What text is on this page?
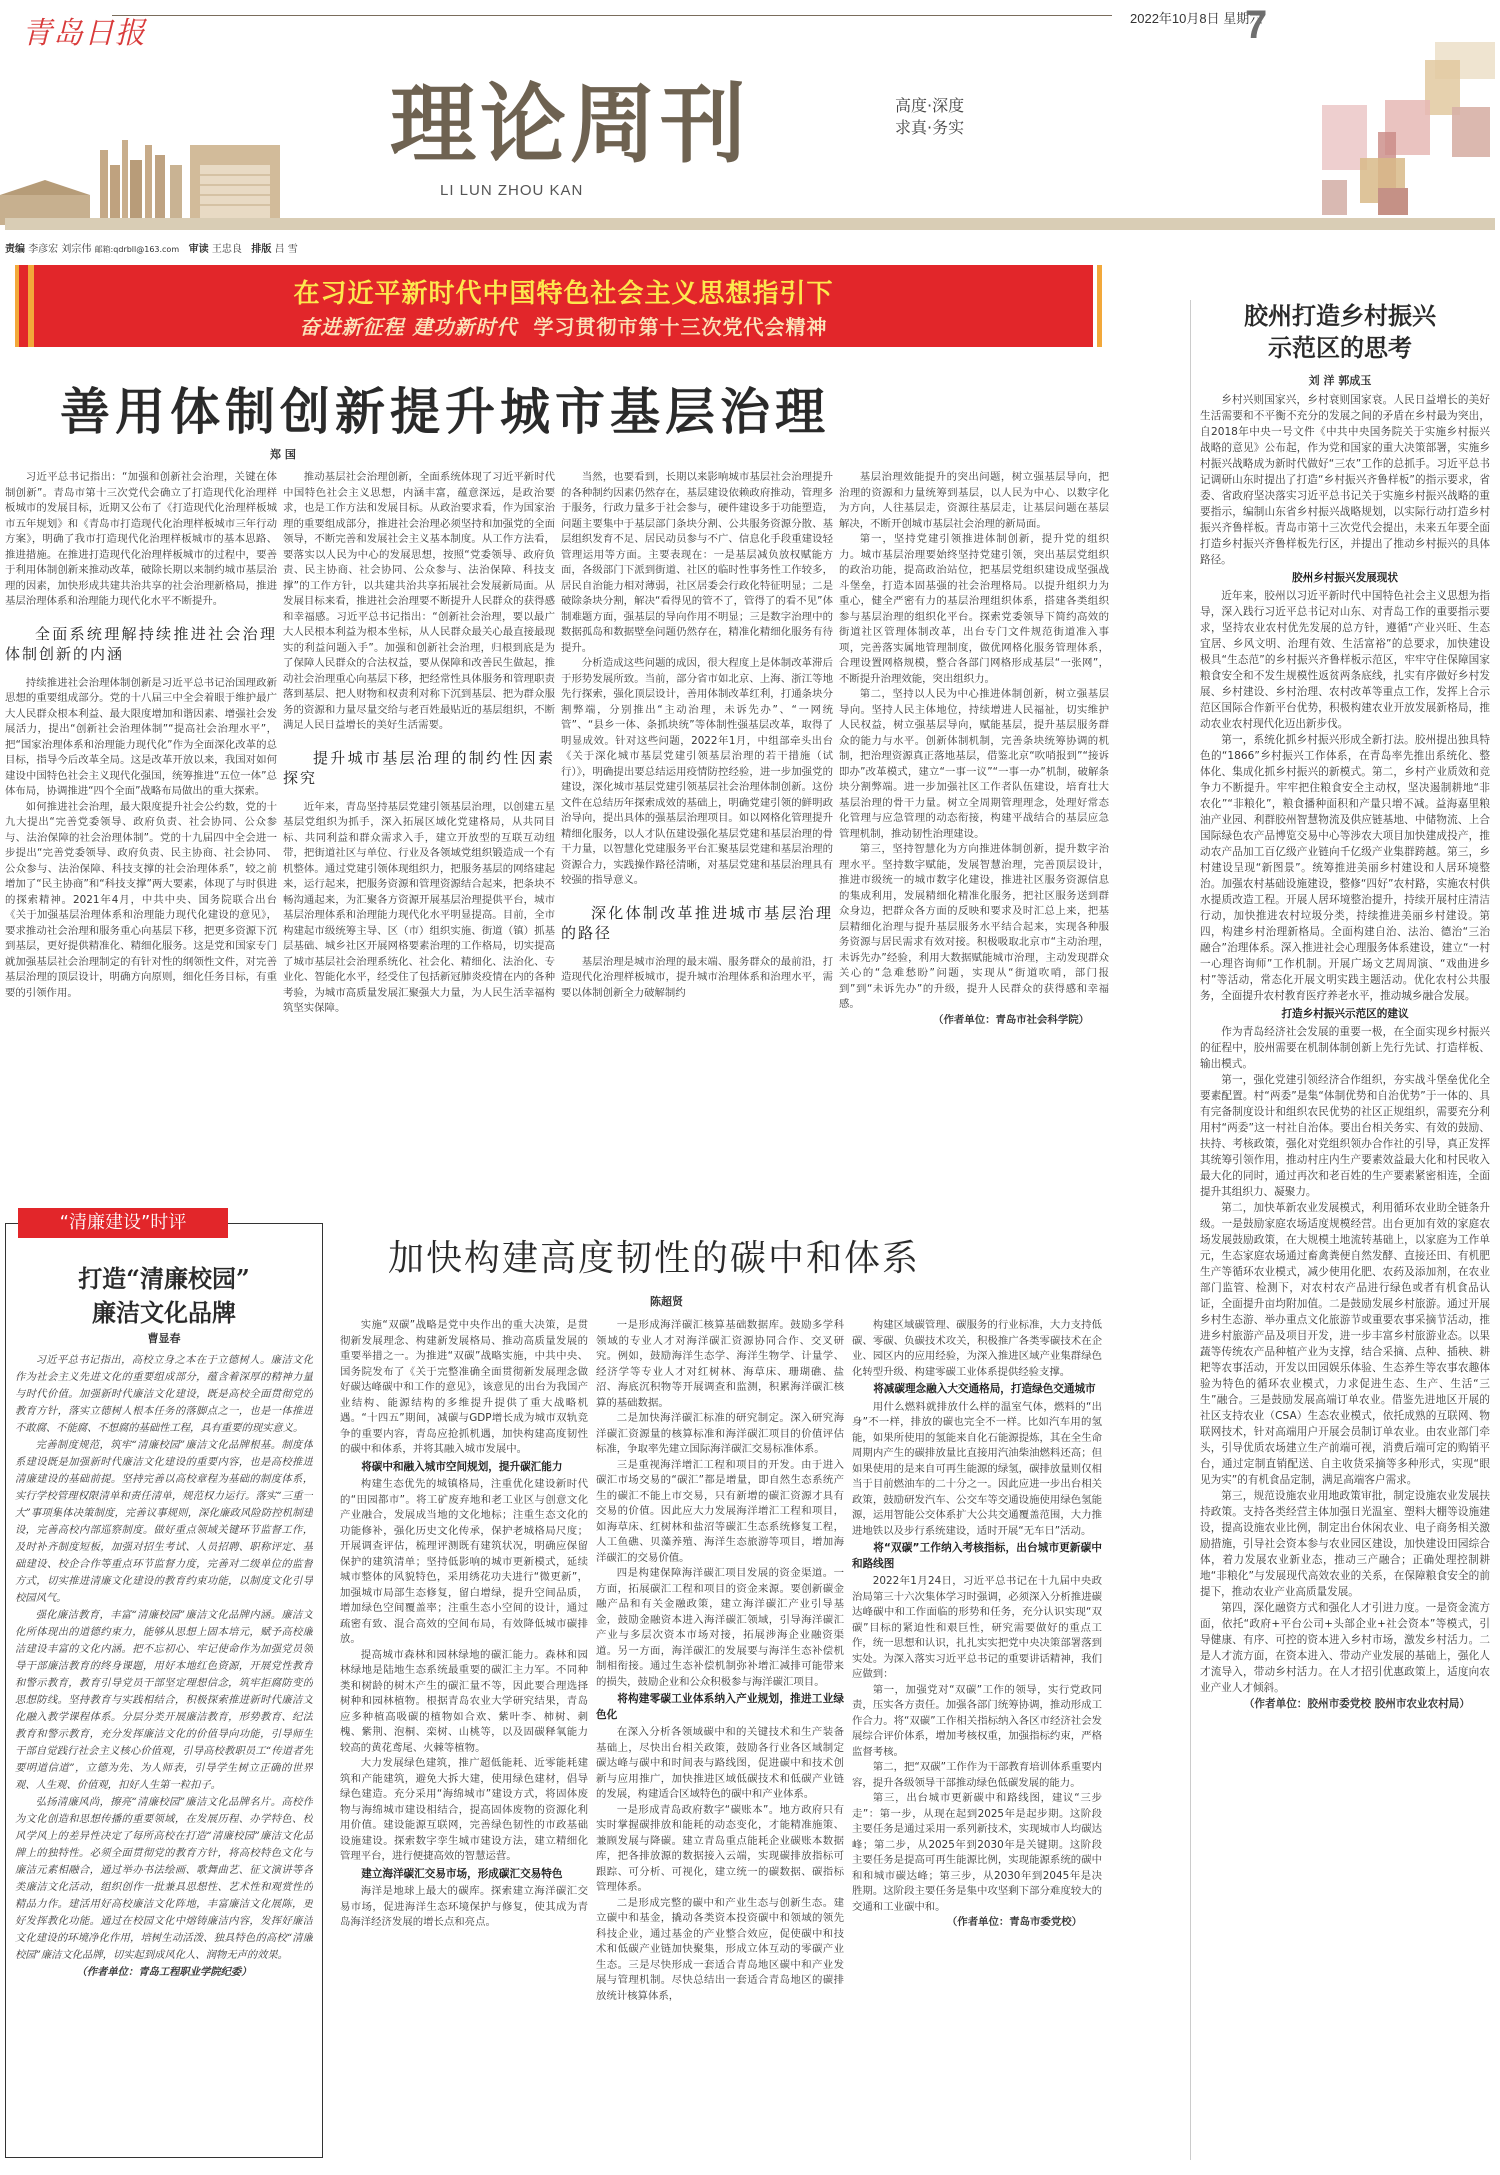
青岛日报	2022年10月8日 星期六
7
理论周刊	高度·深度
求真·务实
LI LUN ZHOU KAN
责编 李彦宏 刘宗伟 邮箱:qdrbll@163.com 审读 王忠良 排版 吕 雪
在习近平新时代中国特色社会主义思想指引下
奋进新征程 建功新时代 学习贯彻市第十三次党代会精神
善用体制创新提升城市基层治理
郑 国

习近平总书记指出：“加强和创新社会治理，关键在体制创新”。青岛市第十三次党代会确立了打造现代化治理样板城市的发展目标，近期又公布了《打造现代化治理样板城市五年规划》和《青岛市打造现代化治理样板城市三年行动方案》，明确了我市打造现代化治理样板城市的基本思路、推进措施。在推进打造现代化治理样板城市的过程中，要善于利用体制创新来推动改革，破除长期以来制约城市基层治理的因素，加快形成共建共治共享的社会治理新格局，推进基层治理体系和治理能力现代化水平不断提升。

全面系统理解持续推进社会治理体制创新的内涵

持续推进社会治理体制创新是习近平总书记治国理政新思想的重要组成部分。党的十八届三中全会着眼于维护最广大人民群众根本利益、最大限度增加和谐因素、增强社会发展活力，提出“创新社会治理体制”“提高社会治理水平”，把“国家治理体系和治理能力现代化”作为全面深化改革的总目标，指导今后改革全局。这是改革开放以来，我国对如何建设中国特色社会主义现代化强国，统筹推进“五位一体”总体布局，协调推进“四个全面”战略布局做出的重大探索。

如何推进社会治理，最大限度提升社会公约数，党的十九大提出“完善党委领导、政府负责、社会协同、公众参与、法治保障的社会治理体制”。党的十九届四中全会进一步提出“完善党委领导、政府负责、民主协商、社会协同、公众参与、法治保障、科技支撑的社会治理体系”，较之前增加了“民主协商”和“科技支撑”两大要素，体现了与时俱进的探索精神。2021年4月，中共中央、国务院联合出台《关于加强基层治理体系和治理能力现代化建设的意见》，要求推动社会治理和服务重心向基层下移，把更多资源下沉到基层，更好提供精准化、精细化服务。这是党和国家专门就加强基层社会治理制定的有针对性的纲领性文件，对完善基层治理的顶层设计，明确方向原则，细化任务目标，有重要的引领作用。

推动基层社会治理创新，全面系统体现了习近平新时代中国特色社会主义思想，内涵丰富，蕴意深远，是政治要求，也是工作方法和发展目标。从政治要求看，作为国家治理的重要组成部分，推进社会治理必须坚持和加强党的全面领导，不断完善和发展社会主义基本制度。从工作方法看，要落实以人民为中心的发展思想，按照“党委领导、政府负责、民主协商、社会协同、公众参与、法治保障、科技支撑”的工作方针，以共建共治共享拓展社会发展新局面。从发展目标来看，推进社会治理要不断提升人民群众的获得感和幸福感。习近平总书记指出：“创新社会治理，要以最广大人民根本利益为根本坐标，从人民群众最关心最直接最现实的利益问题入手”。加强和创新社会治理，归根到底是为了保障人民群众的合法权益，要从保障和改善民生做起，推动社会治理重心向基层下移，把经常性具体服务和管理职责落到基层、把人财物和权责利对称下沉到基层、把为群众服务的资源和力量尽量交给与老百姓最贴近的基层组织，不断满足人民日益增长的美好生活需要。

提升城市基层治理的制约性因素探究

近年来，青岛坚持基层党建引领基层治理，以创建五星基层党组织为抓手，深入拓展区域化党建格局，从共同目标、共同利益和群众需求入手，建立开放型的互联互动纽带，把街道社区与单位、行业及各领域党组织锻造成一个有机整体。通过党建引领体现组织力，把服务基层的网络建起来，运行起来，把服务资源和管理资源结合起来，把条块不畅沟通起来，为汇聚各方资源开展基层治理提供平台，城市基层治理体系和治理能力现代化水平明显提高。目前，全市构建起市级统筹主导、区（市）组织实施、街道（镇）抓基层基础、城乡社区开展网格要素治理的工作格局，切实提高了城市基层社会治理系统化、社会化、精细化、法治化、专业化、智能化水平，经受住了包括新冠肺炎疫情在内的各种考验，为城市高质量发展汇聚强大力量，为人民生活幸福构筑坚实保障。

当然，也要看到，长期以来影响城市基层社会治理提升的各种制约因素仍然存在，基层建设依赖政府推动，管理多于服务，行政力量多于社会参与，硬件建设多于功能塑造，问题主要集中于基层部门条块分割、公共服务资源分散、基层组织发育不足、居民动员参与不广、信息化手段重建设轻管理运用等方面。主要表现在：一是基层减负放权赋能方面，各级部门下派到街道、社区的临时性事务性工作较多，居民自治能力相对薄弱，社区居委会行政化特征明显；二是破除条块分割，解决“看得见的管不了，管得了的看不见”体制难题方面，强基层的导向作用不明显；三是数字治理中的数据孤岛和数据壁垒问题仍然存在，精准化精细化服务有待提升。

分析造成这些问题的成因，很大程度上是体制改革滞后于形势发展所致。当前，部分省市如北京、上海、浙江等地先行探索，强化顶层设计，善用体制改革红利，打通条块分割弊端，分别推出“主动治理，未诉先办”、“一网统管”、“县乡一体、条抓块统”等体制性强基层改革，取得了明显成效。针对这些问题，2022年1月，中组部牵头出台《关于深化城市基层党建引领基层治理的若干措施（试行）》，明确提出要总结运用疫情防控经验，进一步加强党的建设，深化城市基层党建引领基层社会治理体制创新。这份文件在总结历年探索成效的基础上，明确党建引领的鲜明政治导向，提出具体的强基层治理项目。如以网格化管理提升精细化服务，以人才队伍建设强化基层党建和基层治理的骨干力量，以智慧化党建服务平台汇聚基层党建和基层治理的资源合力，实践操作路径清晰，对基层党建和基层治理具有较强的指导意义。

深化体制改革推进城市基层治理的路径

基层治理是城市治理的最末端、服务群众的最前沿，打造现代化治理样板城市，提升城市治理体系和治理水平，需要以体制创新全力破解制约

基层治理效能提升的突出问题，树立强基层导向，把治理的资源和力量统筹到基层，以人民为中心、以数字化为方向，人往基层走，资源往基层走，让基层问题在基层解决，不断开创城市基层社会治理的新局面。

第一，坚持党建引领推进体制创新，提升党的组织力。城市基层治理要始终坚持党建引领，突出基层党组织的政治功能，提高政治站位，把基层党组织建设成坚强战斗堡垒，打造本固基强的社会治理格局。以提升组织力为重心，健全严密有力的基层治理组织体系，搭建各类组织参与基层治理的组织化平台。探索党委领导下简约高效的街道社区管理体制改革，出台专门文件规范街道准入事项，完善落实属地管理制度，做优网格化服务管理体系，合理设置网格规模，整合各部门网格形成基层“一张网”，不断提升治理效能，突出组织力。

第二，坚持以人民为中心推进体制创新，树立强基层导向。坚持人民主体地位，持续增进人民福祉，切实维护人民权益，树立强基层导向，赋能基层，提升基层服务群众的能力与水平。创新体制机制，完善条块统筹协调的机制，把治理资源真正落地基层，借鉴北京“吹哨报到”“接诉即办”改革模式，建立“一事一议”“一事一办”机制，破解条块分割弊端。进一步加强社区工作者队伍建设，培育壮大基层治理的骨干力量。树立全周期管理理念，处理好常态化管理与应急管理的动态衔接，构建平战结合的基层应急管理机制，推动韧性治理建设。

第三，坚持智慧化为方向推进体制创新，提升数字治理水平。坚持数字赋能，发展智慧治理，完善顶层设计，推进市级统一的城市数字化建设，推进社区服务资源信息的集成利用，发展精细化精准化服务，把社区服务送到群众身边，把群众各方面的反映和要求及时汇总上来，把基层精细化治理与提升基层服务水平结合起来，实现各种服务资源与居民需求有效对接。积极吸取北京市“主动治理，未诉先办”经验，利用大数据赋能城市治理，主动发现群众关心的“急难愁盼”问题，实现从“街道吹哨，部门报到”到“未诉先办”的升级，提升人民群众的获得感和幸福感。

（作者单位：青岛市社会科学院）

胶州打造乡村振兴
示范区的思考
刘 洋 郭成玉

乡村兴则国家兴，乡村衰则国家衰。人民日益增长的美好生活需要和不平衡不充分的发展之间的矛盾在乡村最为突出，自2018年中央一号文件《中共中央国务院关于实施乡村振兴战略的意见》公布起，作为党和国家的重大决策部署，实施乡村振兴战略成为新时代做好“三农”工作的总抓手。习近平总书记调研山东时提出了打造“乡村振兴齐鲁样板”的指示要求，省委、省政府坚决落实习近平总书记关于实施乡村振兴战略的重要指示，编制山东省乡村振兴战略规划，以实际行动打造乡村振兴齐鲁样板。青岛市第十三次党代会提出，未来五年要全面打造乡村振兴齐鲁样板先行区，并提出了推动乡村振兴的具体路径。

胶州乡村振兴发展现状

近年来，胶州以习近平新时代中国特色社会主义思想为指导，深入践行习近平总书记对山东、对青岛工作的重要指示要求，坚持农业农村优先发展的总方针，遵循“产业兴旺、生态宜居、乡风文明、治理有效、生活富裕”的总要求，加快建设极具“生态范”的乡村振兴齐鲁样板示范区，牢牢守住保障国家粮食安全和不发生规模性返贫两条底线，扎实有序做好乡村发展、乡村建设、乡村治理、农村改革等重点工作，发挥上合示范区国际合作新平台优势，积极构建农业开放发展新格局，推动农业农村现代化迈出新步伐。

第一，系统化抓乡村振兴形成全新打法。胶州提出独具特色的“1866”乡村振兴工作体系，在青岛率先推出系统化、整体化、集成化抓乡村振兴的新模式。第二，乡村产业质效和竞争力不断提升。牢牢把住粮食安全主动权，坚决遏制耕地“非农化”“非粮化”，粮食播种面积和产量只增不减。益海嘉里粮油产业园、利群胶州智慧物流及供应链基地、中储物流、上合国际绿色农产品博览交易中心等涉农大项目加快建成投产，推动农产品加工百亿级产业链向千亿级产业集群跨越。第三，乡村建设呈现“新图景”。统筹推进美丽乡村建设和人居环境整治。加强农村基础设施建设，整修“四好”农村路，实施农村供水提质改造工程。开展人居环境整治提升，持续开展村庄清洁行动，加快推进农村垃圾分类，持续推进美丽乡村建设。第四，构建乡村治理新格局。全面构建自治、法治、德治“三治融合”治理体系。深入推进社会心理服务体系建设，建立“一村一心理咨询师”工作机制。开展广场文艺周周演、“戏曲进乡村”等活动，常态化开展文明实践主题活动。优化农村公共服务，全面提升农村教育医疗养老水平，推动城乡融合发展。

打造乡村振兴示范区的建议

作为青岛经济社会发展的重要一极，在全面实现乡村振兴的征程中，胶州需要在机制体制创新上先行先试、打造样板、输出模式。

第一，强化党建引领经济合作组织，夯实战斗堡垒优化全要素配置。村“两委”是集“体制优势和自治优势”于一体的、具有完备制度设计和组织农民优势的社区正规组织，需要充分利用村“两委”这一村社自治体。要出台相关务实、有效的鼓励、扶持、考核政策，强化对党组织领办合作社的引导，真正发挥其统筹引领作用，推动村庄内生产要素效益最大化和村民收入最大化的同时，通过再次和老百姓的生产要素紧密相连，全面提升其组织力、凝聚力。

第二，加快革新农业发展模式，利用循环农业助全链条升级。一是鼓励家庭农场适度规模经营。出台更加有效的家庭农场发展鼓励政策，在大规模土地流转基础上，以家庭为工作单元，生态家庭农场通过畜禽粪便自然发酵、直接还田、有机肥生产等循环农业模式，减少使用化肥、农药及添加剂，在农业部门监管、检测下，对农村农产品进行绿色或者有机食品认证，全面提升亩均附加值。二是鼓励发展乡村旅游。通过开展乡村生态游、举办重点文化旅游节或重要农事采摘节活动，推进乡村旅游产品及项目开发，进一步丰富乡村旅游业态。以果蔬等传统农产品种植产业为支撑，结合采摘、点种、插秧、耕耙等农事活动，开发以田园娱乐体验、生态养生等农事农趣体验为特色的循环农业模式，力求促进生态、生产、生活“三生”融合。三是鼓励发展高端订单农业。借鉴先进地区开展的社区支持农业（CSA）生态农业模式，依托成熟的互联网、物联网技术，针对高端用户开展会员制订单农业。由农业部门牵头，引导优质农场建立生产前端可视，消费后端可定的购销平台，通过定制直销配送、自主收货采摘等多种形式，实现“眼见为实”的有机食品定制，满足高端客户需求。

第三，规范设施农业用地政策审批，制定设施农业发展扶持政策。支持各类经营主体加强日光温室、塑料大棚等设施建设，提高设施农业比例，制定出台休闲农业、电子商务相关激励措施，引导社会资本参与农业园区建设，加快建设田园综合体，着力发展农业新业态，推动三产融合；正确处理控制耕地“非粮化”与发展现代高效农业的关系，在保障粮食安全的前提下，推动农业产业高质量发展。

第四，深化融资方式和强化人才引进力度。一是资金流方面，依托“政府+平台公司+头部企业+社会资本”等模式，引导健康、有序、可控的资本进入乡村市场，激发乡村活力。二是人才流方面，在资本进入、带动产业发展的基础上，强化人才流导入，带动乡村活力。在人才招引优惠政策上，适度向农业产业人才倾斜。

（作者单位：胶州市委党校 胶州市农业农村局）

“清廉建设”时评
打造“清廉校园”
廉洁文化品牌
曹显春

习近平总书记指出，高校立身之本在于立德树人。廉洁文化作为社会主义先进文化的重要组成部分，蕴含着深厚的精神力量与时代价值。加强新时代廉洁文化建设，既是高校全面贯彻党的教育方针，落实立德树人根本任务的落脚点之一，也是一体推进不敢腐、不能腐、不想腐的基础性工程，具有重要的现实意义。

完善制度规范，筑牢“清廉校园”廉洁文化品牌根基。制度体系建设既是加强新时代廉洁文化建设的重要内容，也是高校推进清廉建设的基础前提。坚持完善以高校章程为基础的制度体系，实行学校管理权限清单和责任清单，规范权力运行。落实“三重一大”事项集体决策制度，完善议事规则，深化廉政风险防控机制建设，完善高校内部巡察制度。做好重点领域关键环节监督工作，及时补齐制度短板，加强对招生考试、人员招聘、职称评定、基础建设、校企合作等重点环节监督力度，完善对二级单位的监督方式，切实推进清廉文化建设的教育约束功能，以制度文化引导校园风气。

强化廉洁教育，丰富“清廉校园”廉洁文化品牌内涵。廉洁文化所体现出的道德约束力，能够从思想上固本培元，赋予高校廉洁建设丰富的文化内涵。把不忘初心、牢记使命作为加强党员领导干部廉洁教育的终身课题，用好本地红色资源，开展党性教育和警示教育，教育引导党员干部坚定理想信念，筑牢拒腐防变的思想防线。坚持教育与实践相结合，积极探索推进新时代廉洁文化融入教学课程体系。分层分类开展廉洁教育，形势教育、纪法教育和警示教育，充分发挥廉洁文化的价值导向功能，引导师生干部自觉践行社会主义核心价值观，引导高校教职员工“传道者先要明道信道”，立德为先、为人师表，引导学生树立正确的世界观、人生观、价值观，扣好人生第一粒扣子。

弘扬清廉风尚，擦亮“清廉校园”廉洁文化品牌名片。高校作为文化创造和思想传播的重要领域，在发展历程、办学特色、校风学风上的差异性决定了每所高校在打造“清廉校园”廉洁文化品牌上的独特性。必须全面贯彻党的教育方针，将高校特色文化与廉洁元素相融合，通过举办书法绘画、歌舞曲艺、征文演讲等各类廉洁文化活动，组织创作一批兼具思想性、艺术性和观赏性的精品力作。建活用好高校廉洁文化阵地，丰富廉洁文化展陈，更好发挥教化功能。通过在校园文化中熔铸廉洁内容，发挥好廉洁文化建设的环境净化作用，培树生动活泼、独具特色的高校“清廉校园”廉洁文化品牌，切实起到成风化人、润物无声的效果。

（作者单位：青岛工程职业学院纪委）

加快构建高度韧性的碳中和体系
陈超贤

实施“双碳”战略是党中央作出的重大决策，是贯彻新发展理念、构建新发展格局、推动高质量发展的重要举措之一。为推进“双碳”战略实施，中共中央、国务院发布了《关于完整准确全面贯彻新发展理念做好碳达峰碳中和工作的意见》，该意见的出台为我国产业结构、能源结构的多维提升提供了重大战略机遇。“十四五”期间，减碳与GDP增长成为城市双轨竞争的重要内容，青岛应抢抓机遇，加快构建高度韧性的碳中和体系，并将其融入城市发展中。

将碳中和融入城市空间规划，提升碳汇能力

构建生态优先的城镇格局，注重优化建设新时代的“田园都市”。将工矿废弃地和老工业区与创意文化产业融合，发展成当地的文化地标；注重生态文化的功能修补，强化历史文化传承，保护老城格局尺度；开展调查评估，梳理评测既有建筑状况，明确应保留保护的建筑清单；坚持低影响的城市更新模式，延续城市整体的风貌特色，采用绣花功夫进行“微更新”，加强城市局部生态修复，留白增绿，提升空间品质，增加绿色空间覆盖率；注重生态小空间的设计，通过疏密有致、混合高效的空间布局，有效降低城市碳排放。

提高城市森林和园林绿地的碳汇能力。森林和园林绿地是陆地生态系统最重要的碳汇主力军。不同种类和树龄的树木产生的碳汇量不等，因此要合理选择树种和园林植物。根据青岛农业大学研究结果，青岛应多种植高吸碳的植物如合欢、紫叶李、柿树、刺槐、紫荆、泡桐、栾树、山桃等，以及固碳释氧能力较高的黄花鸢尾、火棘等植物。

大力发展绿色建筑，推广超低能耗、近零能耗建筑和产能建筑，避免大拆大建，使用绿色建材，倡导绿色建造。充分采用“海绵城市”建设方式，将固体废物与海绵城市建设相结合，提高固体废物的资源化利用价值。建设能源互联网，完善绿色韧性的市政基础设施建设。探索数字孪生城市建设方法，建立精细化管理平台，进行便捷高效的智慧运营。

建立海洋碳汇交易市场，形成碳汇交易特色

海洋是地球上最大的碳库。探索建立海洋碳汇交易市场，促进海洋生态环境保护与修复，使其成为青岛海洋经济发展的增长点和亮点。

一是形成海洋碳汇核算基础数据库。鼓励多学科领域的专业人才对海洋碳汇资源协同合作、交叉研究。例如，鼓励海洋生态学、海洋生物学、计量学、经济学等专业人才对红树林、海草床、珊瑚礁、盐沼、海底沉积物等开展调查和监测，积累海洋碳汇核算的基础数据。

二是加快海洋碳汇标准的研究制定。深入研究海洋碳汇资源量的核算标准和海洋碳汇项目的价值评估标准，争取率先建立国际海洋碳汇交易标准体系。

三是重视海洋增汇工程和项目的开发。由于进入碳汇市场交易的“碳汇”都是增量，即自然生态系统产生的碳汇不能上市交易，只有新增的碳汇资源才具有交易的价值。因此应大力发展海洋增汇工程和项目，如海草床、红树林和盐沼等碳汇生态系统修复工程，人工鱼礁、贝藻养殖、海洋生态旅游等项目，增加海洋碳汇的交易价值。

四是构建保障海洋碳汇项目发展的资金渠道。一方面，拓展碳汇工程和项目的资金来源。要创新碳金融产品和有关金融政策，建立海洋碳汇产业引导基金，鼓励金融资本进入海洋碳汇领域，引导海洋碳汇产业与多层次资本市场对接，拓展涉海企业融资渠道。另一方面，海洋碳汇的发展要与海洋生态补偿机制相衔接。通过生态补偿机制弥补增汇减排可能带来的损失，鼓励企业和公众积极参与海洋碳汇项目。

将构建零碳工业体系纳入产业规划，推进工业绿色化

在深入分析各领域碳中和的关键技术和生产装备基础上，尽快出台相关政策，鼓励各行业各区域制定碳达峰与碳中和时间表与路线图，促进碳中和技术创新与应用推广，加快推进区域低碳技术和低碳产业链的发展，构建适合区域特色的碳中和产业体系。

一是形成青岛政府数字“碳账本”。地方政府只有实时掌握碳排放和能耗的动态变化，才能精准施策、兼顾发展与降碳。建立青岛重点能耗企业碳账本数据库，把各排放源的数据接入云端，实现碳排放指标可跟踪、可分析、可视化，建立统一的碳数据、碳指标管理体系。

二是形成完整的碳中和产业生态与创新生态。建立碳中和基金，撬动各类资本投资碳中和领域的领先科技企业，通过基金的产业整合效应，促使碳中和技术和低碳产业链加快聚集，形成立体互动的零碳产业生态。三是尽快形成一套适合青岛地区碳中和产业发展与管理机制。尽快总结出一套适合青岛地区的碳排放统计核算体系，

构建区域碳管理、碳服务的行业标准，大力支持低碳、零碳、负碳技术攻关，积极推广各类零碳技术在企业、园区内的应用经验，为深入推进区域产业集群绿色化转型升级、构建零碳工业体系提供经验支撑。

将减碳理念融入大交通格局，打造绿色交通城市

用什么燃料就排放什么样的温室气体，燃料的“出身”不一样，排放的碳也完全不一样。比如汽车用的氢能，如果所使用的氢能来自化石能源提炼，其在全生命周期内产生的碳排放量比直接用汽油柴油燃料还高；但如果使用的是来自可再生能源的绿氢，碳排放量则仅相当于目前燃油车的二十分之一。因此应进一步出台相关政策，鼓励研发汽车、公交车等交通设施使用绿色氢能源，运用智能公交体系扩大公共交通覆盖范围，大力推进地铁以及步行系统建设，适时开展“无车日”活动。

将“双碳”工作纳入考核指标，出台城市更新碳中和路线图

2022年1月24日，习近平总书记在十九届中央政治局第三十六次集体学习时强调，必须深入分析推进碳达峰碳中和工作面临的形势和任务，充分认识实现“双碳”目标的紧迫性和艰巨性，研究需要做好的重点工作，统一思想和认识，扎扎实实把党中央决策部署落到实处。为深入落实习近平总书记的重要讲话精神，我们应做到：

第一，加强党对“双碳”工作的领导，实行党政同责，压实各方责任。加强各部门统筹协调，推动形成工作合力。将“双碳”工作相关指标纳入各区市经济社会发展综合评价体系，增加考核权重，加强指标约束，严格监督考核。

第二，把“双碳”工作作为干部教育培训体系重要内容，提升各级领导干部推动绿色低碳发展的能力。

第三，出台城市更新碳中和路线图，建议“三步走”：第一步，从现在起到2025年是起步期。这阶段主要任务是通过采用一系列新技术，实现城市人均碳达峰；第二步，从2025年到2030年是关键期。这阶段主要任务是提高可再生能源比例，实现能源系统的碳中和和城市碳达峰；第三步，从2030年到2045年是决胜期。这阶段主要任务是集中攻坚剩下部分难度较大的交通和工业碳中和。

（作者单位：青岛市委党校）
